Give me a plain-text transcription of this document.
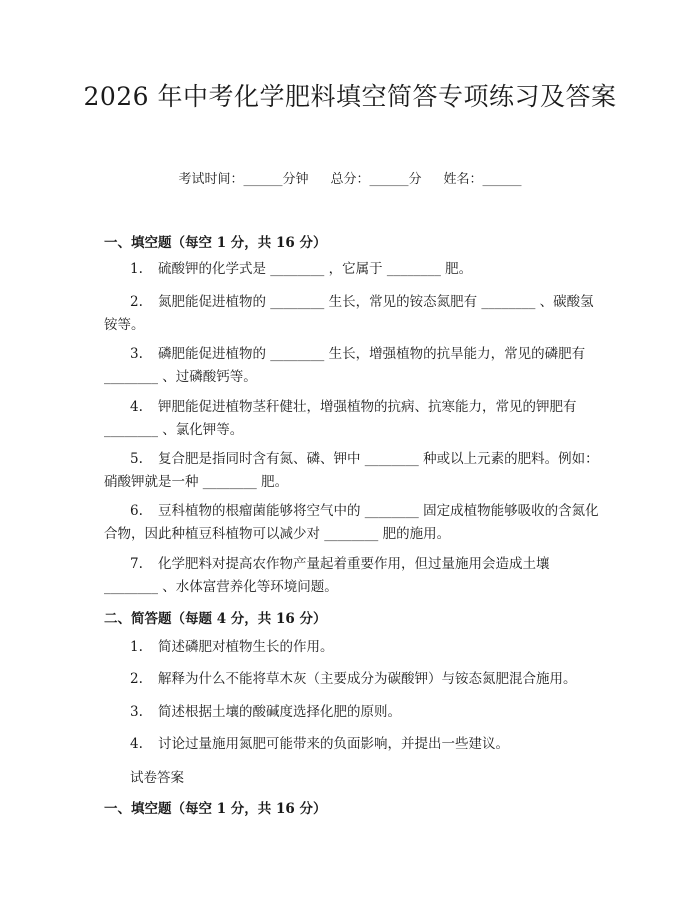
2026 年中考化学肥料填空简答专项练习及答案
考试时间：______分钟 总分：______分 姓名：______
一、填空题（每空 1 分，共 16 分）
1. 硫酸钾的化学式是 ________ ，它属于 ________ 肥。
2. 氮肥能促进植物的 ________ 生长，常见的铵态氮肥有 ________ 、碳酸氢铵等。
3. 磷肥能促进植物的 ________ 生长，增强植物的抗旱能力，常见的磷肥有 ________ 、过磷酸钙等。
4. 钾肥能促进植物茎秆健壮，增强植物的抗病、抗寒能力，常见的钾肥有 ________ 、氯化钾等。
5. 复合肥是指同时含有氮、磷、钾中 ________ 种或以上元素的肥料。例如：硝酸钾就是一种 ________ 肥。
6. 豆科植物的根瘤菌能够将空气中的 ________ 固定成植物能够吸收的含氮化合物，因此种植豆科植物可以减少对 ________ 肥的施用。
7. 化学肥料对提高农作物产量起着重要作用，但过量施用会造成土壤 ________ 、水体富营养化等环境问题。
二、简答题（每题 4 分，共 16 分）
1. 简述磷肥对植物生长的作用。
2. 解释为什么不能将草木灰（主要成分为碳酸钾）与铵态氮肥混合施用。
3. 简述根据土壤的酸碱度选择化肥的原则。
4. 讨论过量施用氮肥可能带来的负面影响，并提出一些建议。
试卷答案
一、填空题（每空 1 分，共 16 分）
